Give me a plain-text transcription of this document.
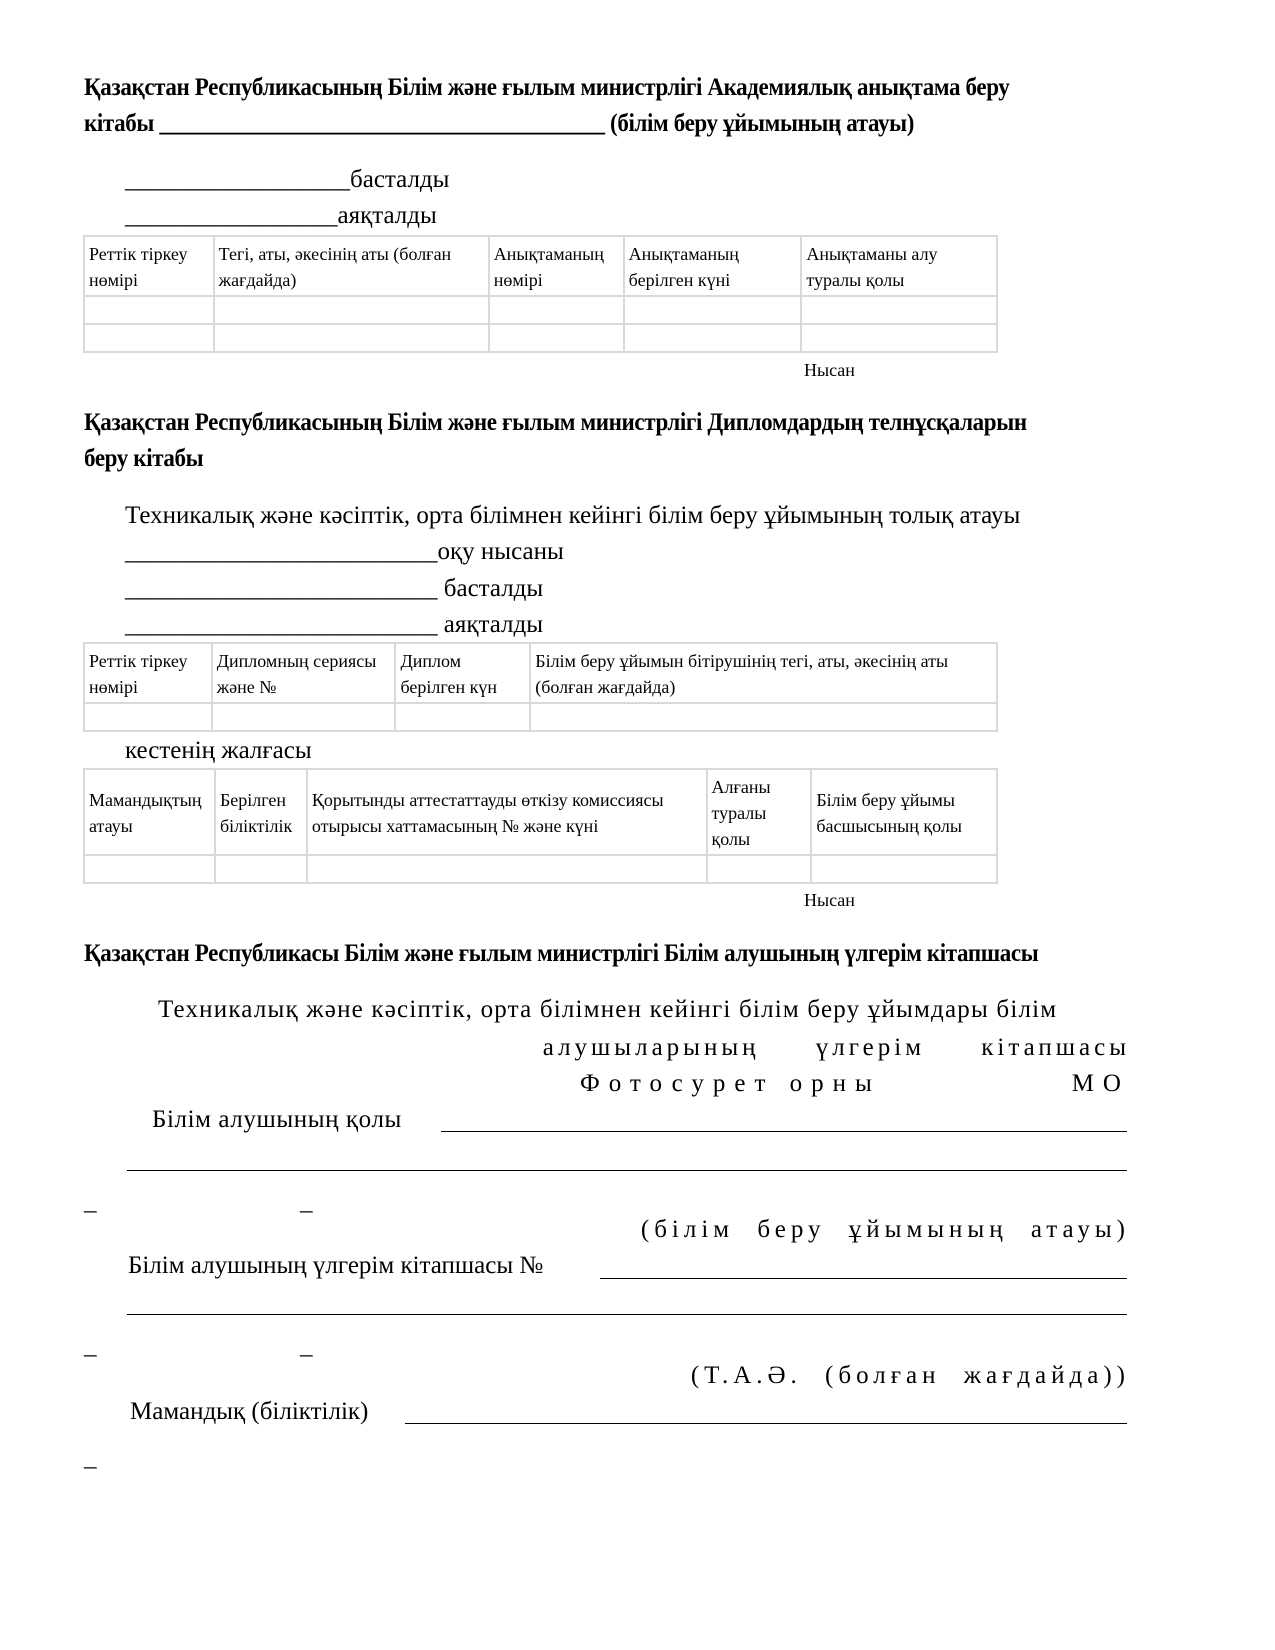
Қазақстан Республикасының Білім және ғылым министрлігі Академиялық анықтама беру
кітабы ________________________________________ (білім беру ұйымының атауы)
__________________басталды
_________________аяқталды
Реттік тіркеу нөмірі	Тегі, аты, әкесінің аты (болған жағдайда)	Анықтаманың нөмірі	Анықтаманың берілген күні	Анықтаманы алу туралы қолы

Нысан
Қазақстан Республикасының Білім және ғылым министрлігі Дипломдардың телнұсқаларын
беру кітабы
Техникалық және кәсіптік, орта білімнен кейінгі білім беру ұйымының толық атауы
_________________________оқу нысаны
_________________________ басталды
_________________________ аяқталды
Реттік тіркеу нөмірі	Дипломның сериясы және №	Диплом берілген күн	Білім беру ұйымын бітірушінің тегі, аты, әкесінің аты (болған жағдайда)

кестенің жалғасы
Мамандықтың атауы	Берілген біліктілік	Қорытынды аттестаттауды өткізу комиссиясы отырысы хаттамасының № және күні	Алғаны туралы қолы	Білім беру ұйымы басшысының қолы

Нысан
Қазақстан Республикасы Білім және ғылым министрлігі Білім алушының үлгерім кітапшасы
Техникалық және кәсіптік, орта білімнен кейінгі білім беру ұйымдары білім
алушыларының үлгерім кітапшасы
Фотосурет орны	МО
Білім алушының қолы
_	_
(білім беру ұйымының атауы)
Білім алушының үлгерім кітапшасы №
_	_
(Т.А.Ә. (болған жағдайда))
Мамандық (біліктілік)
_
